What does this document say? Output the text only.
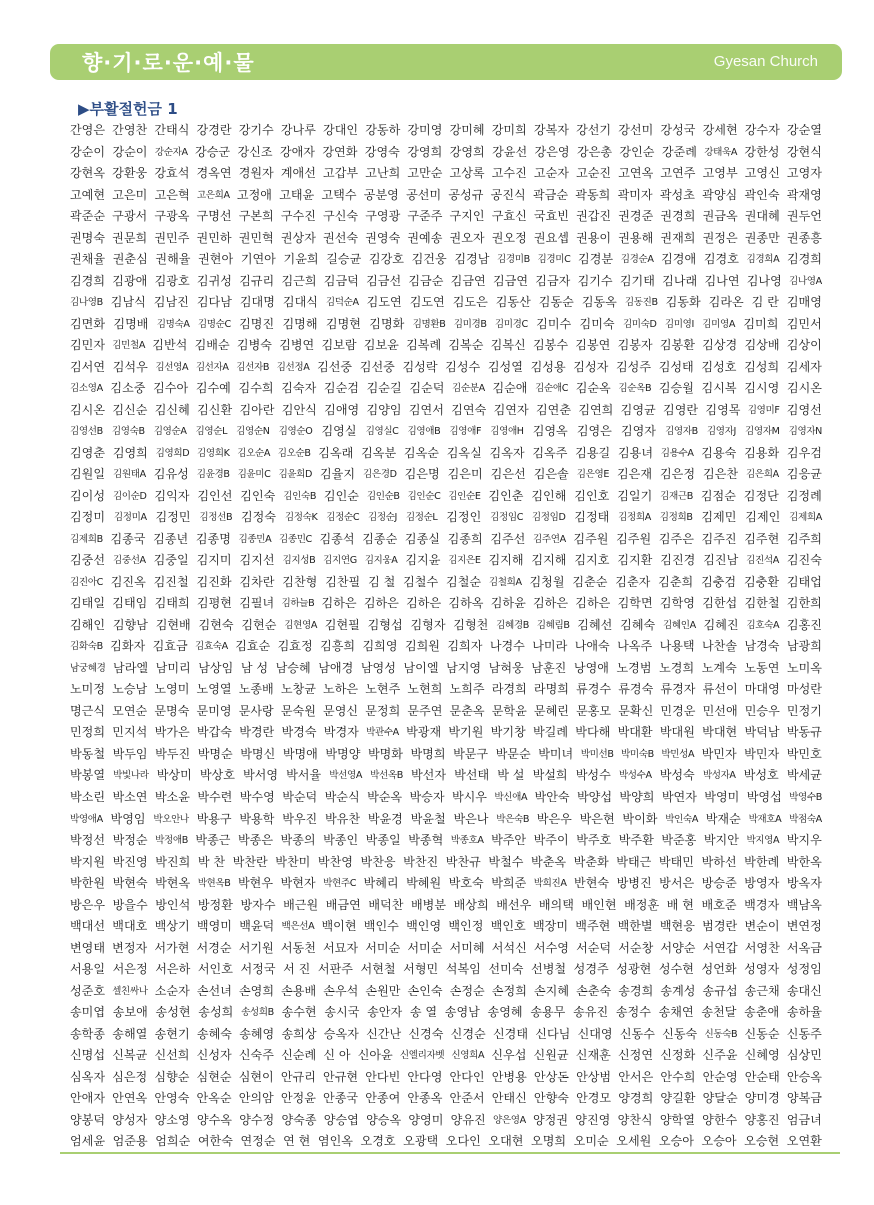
향·기·로·운·예·물	Gyesan Church
▶부활절헌금 1
간영은 간영찬 간태식 강경란 강기수 강나루 강대인 강동하 강미영 강미혜 강미희 강복자 강선기 강선미 강성국 강세현 강수자 강순열
강순이 강순이 강순자A 강승군 강신조 강애자 강연화 강영숙 강영희 강영희 강윤선 강은영 강은총 강인순 강준례 강태욱A 강한성 강현식
강현옥 강환웅 강효석 경옥연 경원자 계애선 고갑부 고난희 고만순 고상록 고수진 고순자 고순진 고연옥 고연주 고영부 고영신 고영자
고예현 고은미 고은혁 고은희A 고정애 고태윤 고택수 공분영 공선미 공성규 공진식 곽금순 곽동희 곽미자 곽성초 곽양심 곽인숙 곽재영
곽준순 구광서 구광옥 구명선 구본희 구수진 구신숙 구영광 구준주 구지인 구효신 국효빈 권갑진 권경준 권경희 권금옥 권대혜 권두언
권명숙 권문희 권민주 권민하 권민혁 권상자 권선숙 권영숙 권예송 권오자 권오정 권요셉 권용이 권용해 권재희 권정은 권종만 권종흥
권채율 권춘심 권해율 권현아 기연아 기윤희 길승균 김강호 김건웅 김경남 김경미B 김경미C 김경분 김경순A 김경애 김경호 김경희A 김경희
김경희 김광애 김광호 김귀성 김규리 김근희 김금덕 김금선 김금순 김금연 김금연 김금자 김기수 김기태 김나래 김나연 김나영 김나영A
김나영B 김남식 김남진 김다남 김대명 김대식 김덕순A 김도연 김도연 김도은 김동산 김동순 김동옥 김동진B 김동화 김라온 김 란 김매영
김면화 김명배 김명숙A 김명순C 김명진 김명해 김명현 김명화 김명환B 김미경B 김미경C 김미수 김미숙 김미숙D 김미영I 김미영A 김미희 김민서
김민자 김민철A 김반석 김배순 김병숙 김병연 김보람 김보윤 김복례 김복순 김복신 김봉수 김봉연 김봉자 김봉환 김상경 김상배 김상이
김서연 김석우 김선영A 김선자A 김선자B 김선정A 김선중 김선중 김성락 김성수 김성열 김성용 김성자 김성주 김성태 김성호 김성희 김세자
김소영A 김소중 김수아 김수예 김수희 김숙자 김순검 김순길 김순덕 김순분A 김순애 김순애C 김순옥 김순옥B 김승월 김시복 김시영 김시온
김시온 김신순 김신혜 김신환 김아란 김안식 김애영 김양임 김연서 김연숙 김연자 김연춘 김연희 김영균 김영란 김영목 김영미F 김영선
김영선B 김영숙B 김영순A 김영순L 김영순N 김영순O 김영실 김영실C 김영애B 김영애F 김영애H 김영옥 김영은 김영자 김영자B 김영자J 김영자M 김영자N
김영춘 김영희 김영희D 김영희K 김오순A 김오순B 김옥래 김옥분 김옥순 김옥실 김옥자 김옥주 김용길 김용녀 김용수A 김용숙 김용화 김우검
김원일 김원태A 김유성 김윤경B 김윤미C 김윤희D 김율지 김은경D 김은명 김은미 김은선 김은솔 김은영E 김은재 김은정 김은찬 김은희A 김응균
김이성 김이순D 김익자 김인선 김인숙 김인숙B 김인순 김인순B 김인순C 김인순E 김인춘 김인해 김인호 김일기 김재근B 김점순 김정단 김정례
김정미 김정미A 김정민 김정선B 김정숙 김정숙K 김정순C 김정순J 김정순L 김정인 김정임C 김정임D 김정태 김정희A 김정희B 김제민 김제인 김제희A
김제희B 김종국 김종년 김종명 김종민A 김종민C 김종석 김종순 김종실 김종희 김주선 김주연A 김주원 김주원 김주은 김주진 김주현 김주희
김중선 김중선A 김중일 김지미 김지선 김지성B 김지연G 김지웅A 김지윤 김지은E 김지해 김지해 김지호 김지환 김진경 김진남 김진석A 김진숙
김진아C 김진옥 김진철 김진화 김차란 김찬형 김찬필 김 철 김철수 김철순 김철희A 김청월 김춘순 김춘자 김춘희 김충검 김충환 김태업
김태일 김태임 김태희 김평현 김필녀 김하늘B 김하은 김하은 김하은 김하옥 김하윤 김하은 김하은 김학면 김학영 김한섭 김한철 김한희
김해인 김향남 김현배 김현숙 김현순 김현영A 김현필 김형섭 김형자 김형천 김혜경B 김혜림B 김혜선 김혜숙 김혜인A 김혜진 김호숙A 김홍진
김화숙B 김화자 김효금 김효숙A 김효순 김효정 김흥희 김희영 김희원 김희자 나경수 나미라 나애숙 나옥주 나용택 나찬솔 남경숙 남광희
남궁혜경 남라엘 남미리 남상임 남 성 남승혜 남애경 남영성 남이엘 남지영 남혀웅 남훈진 낭영애 노경범 노경희 노계숙 노동연 노미옥
노미정 노승남 노영미 노영열 노종배 노창균 노하은 노현주 노현희 노희주 라경희 라명희 류경수 류경숙 류경자 류선이 마대영 마성란
명근식 모연순 문명숙 문미영 문사랑 문숙원 문영신 문정희 문주연 문춘옥 문학윤 문혜린 문홍모 문확신 민경운 민선애 민승우 민정기
민정희 민지석 박가은 박갑숙 박경란 박경숙 박경자 박관수A 박광재 박기원 박기창 박길례 박다해 박대환 박대원 박대현 박덕남 박동규
박동철 박두임 박두진 박명순 박명신 박명애 박명양 박명화 박명희 박문구 박문순 박미녀 박미선B 박미숙B 박민성A 박민자 박민자 박민호
박봉열 박빛나라 박상미 박상호 박서영 박서율 박선영A 박선옥B 박선자 박선태 박 설 박설희 박성수 박성수A 박성숙 박성자A 박성호 박세균
박소린 박소연 박소윤 박수련 박수영 박순덕 박순식 박순옥 박승자 박시우 박신애A 박안숙 박양섭 박양희 박연자 박영미 박영섭 박영수B
박영애A 박영임 박오안나 박용구 박용학 박우진 박유찬 박윤경 박윤철 박은나 박은숙B 박은우 박은현 박이화 박인숙A 박재순 박재호A 박점숙A
박정선 박정순 박정애B 박종근 박종은 박종의 박종인 박종일 박종혁 박종호A 박주안 박주이 박주호 박주환 박준홍 박지안 박지영A 박지우
박지원 박진영 박진희 박 찬 박찬란 박찬미 박찬영 박찬응 박찬진 박찬규 박철수 박춘옥 박춘화 박태근 박태민 박하선 박한례 박한옥
박한원 박현숙 박현옥 박현옥B 박현우 박현자 박현주C 박혜리 박혜원 박호숙 박희준 박희진A 반현숙 방병진 방서은 방승준 방영자 방옥자
방은우 방을수 방인석 방정환 방자수 배근원 배금연 배덕찬 배병분 배상희 배선우 배의택 배인현 배정훈 배 현 배호준 백경자 백남옥
백대선 백대호 백상기 백영미 백윤덕 백은선A 백이현 백인수 백인영 백인정 백인호 백장미 백주현 백한별 백현응 범경란 변순이 변연정
변영태 변정자 서가현 서경순 서기원 서동천 서묘자 서미순 서미순 서미혜 서석신 서수영 서순덕 서순창 서양순 서연갑 서영찬 서옥금
서용일 서은정 서은하 서인호 서정국 서 진 서판주 서현철 서형민 석복임 선미숙 선병철 성경주 성광현 성수현 성언화 성영자 성정임
성준호 셀친싸나 소순자 손선녀 손영희 손용배 손우석 손원만 손인숙 손정순 손정희 손지혜 손춘숙 송경희 송계성 송규섭 송근채 송대신
송미엽 송보애 송성현 송성희 송성희B 송수현 송시국 송안자 송 열 송영남 송영혜 송용무 송유진 송정수 송채연 송천달 송춘애 송하율
송학종 송해열 송현기 송혜숙 송혜영 송희상 승옥자 신간난 신경숙 신경순 신경태 신다님 신대영 신동수 신동숙 신동숙B 신동순 신동주
신명섭 신복균 신선희 신성자 신숙주 신순례 신 아 신아윤 신엘리자벳 신영희A 신우섭 신원균 신재훈 신정연 신정화 신주윤 신혜영 심상민
심옥자 심은정 심향순 심현순 심현이 안규리 안규현 안다빈 안다영 안다인 안병용 안상돈 안상범 안서은 안수희 안순영 안순태 안승옥
안애자 안연옥 안영숙 안옥순 안의암 안정윤 안종국 안종여 안종옥 안준서 안태신 안향숙 안경모 양경희 양길환 양달순 양미경 양복금
양봉덕 양성자 양소영 양수옥 양수정 양숙종 양승엽 양승옥 양영미 양유진 양은영A 양정권 양진영 양찬식 양학열 양한수 양홍진 엄금녀
엄세윤 엄준용 엄희순 여한숙 연정순 연 현 염인옥 오경호 오광택 오다인 오대현 오명희 오미순 오세원 오승아 오승아 오승현 오연환
